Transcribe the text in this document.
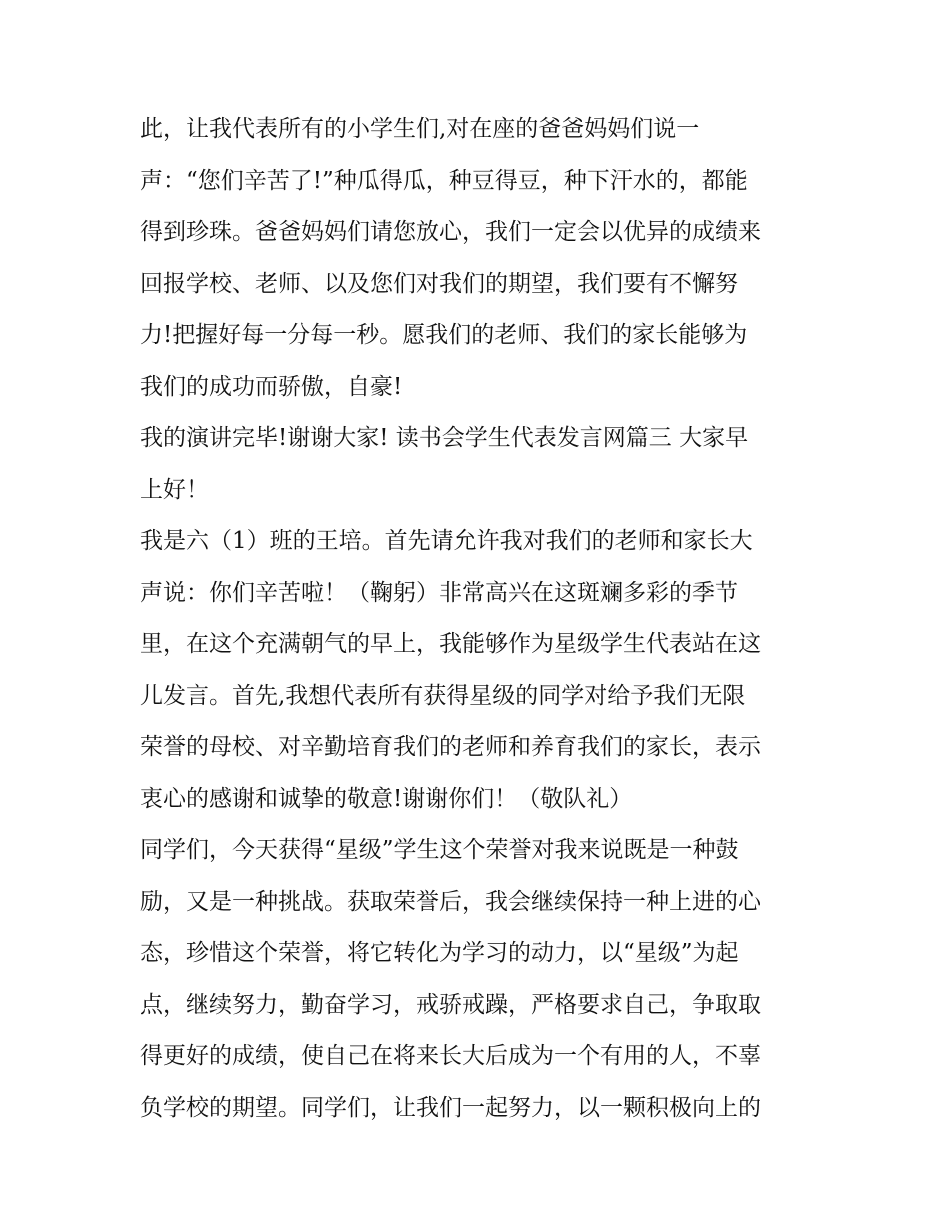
此，让我代表所有的小学生们,对在座的爸爸妈妈们说一
声：“您们辛苦了!”种瓜得瓜，种豆得豆，种下汗水的，都能
得到珍珠。爸爸妈妈们请您放心，我们一定会以优异的成绩来
回报学校、老师、以及您们对我们的期望，我们要有不懈努
力!把握好每一分每一秒。愿我们的老师、我们的家长能够为
我们的成功而骄傲，自豪!
我的演讲完毕!谢谢大家! 读书会学生代表发言网篇三 大家早
上好！
我是六（1）班的王培。首先请允许我对我们的老师和家长大
声说：你们辛苦啦！（鞠躬）非常高兴在这斑斓多彩的季节
里，在这个充满朝气的早上，我能够作为星级学生代表站在这
儿发言。首先,我想代表所有获得星级的同学对给予我们无限
荣誉的母校、对辛勤培育我们的老师和养育我们的家长，表示
衷心的感谢和诚挚的敬意!谢谢你们！（敬队礼）
同学们，今天获得“星级”学生这个荣誉对我来说既是一种鼓
励，又是一种挑战。获取荣誉后，我会继续保持一种上进的心
态，珍惜这个荣誉，将它转化为学习的动力，以“星级”为起
点，继续努力，勤奋学习，戒骄戒躁，严格要求自己，争取取
得更好的成绩，使自己在将来长大后成为一个有用的人，不辜
负学校的期望。同学们，让我们一起努力，以一颗积极向上的
